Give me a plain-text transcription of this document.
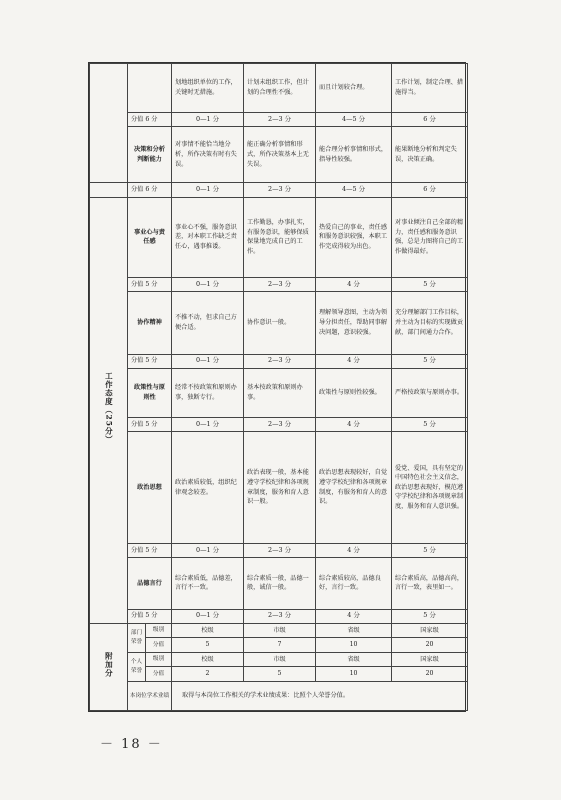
			划地组织单位的工作，关键时无措施。	计划未组织工作，但计划的合理性不强。	而且计划较合理。	工作计划，制定合理、措施得当。
	分值 6 分		0—1 分	2—3 分	4—5 分	6 分
	决策和分析判断能力		对事情不能恰当地分析，所作决策有时有失误。	能正确分析事情和形式，所作决策基本上无失误。	能合理分析事情和形式，指导性较强。	能果断地分析和判定失误，决策正确。
	分值 6 分		0—1 分	2—3 分	4—5 分	6 分
工作态度（25分）	事业心与责任感		事业心不强，服务意识差，对本职工作缺乏责任心，遇事推诿。	工作勤恳，办事扎实，有服务意识，能够保质保量地完成自己的工作。	热爱自己的事业，责任感和服务意识较强，本职工作完成得较为出色。	对事业倾注自己全部的精力，责任感和服务意识强，总是力图将自己的工作做得最好。
	分值 5 分		0—1 分	2—3 分	4 分	5 分
	协作精神		不推不动，但求自己方便合适。	协作意识一般。	理解领导意图，主动为领导分担责任，帮助同事解决问题，意识较强。	充分理解部门工作目标，并主动为目标的实现做贡献，部门间通力合作。
	分值 5 分		0—1 分	2—3 分	4 分	5 分
	政策性与原则性		经常不按政策和原则办事，独断专行。	基本按政策和原则办事。	政策性与原则性较强。	严格按政策与原则办事。
	分值 5 分		0—1 分	2—3 分	4 分	5 分
	政治思想		政治素质较低，组织纪律观念较差。	政治表现一般，基本能遵守学校纪律和各项规章制度，服务和育人意识一般。	政治思想表现较好，自觉遵守学校纪律和各项规章制度，有服务和育人的意识。	爱党、爱国，具有坚定的中国特色社会主义信念，政治思想表现好，模范遵守学校纪律和各项规章制度，服务和育人意识强。
	分值 5 分		0—1 分	2—3 分	4 分	5 分
	品德言行		综合素质低，品德差，言行不一致。	综合素质一般，品德一般，诚信一般。	综合素质较高，品德良好，言行一致。	综合素质高，品德高尚，言行一致，表里如一。
	分值 5 分		0—1 分	2—3 分	4 分	5 分
附加分	部门荣誉	级别	校级	市级	省级	国家级
		分值	5	7	10	20
	个人荣誉	级别	校级	市级	省级	国家级
		分值	2	5	10	20
	本岗位学术业绩		取得与本岗位工作相关的学术业绩成果：比照个人荣誉分值。			
－ 18 －
